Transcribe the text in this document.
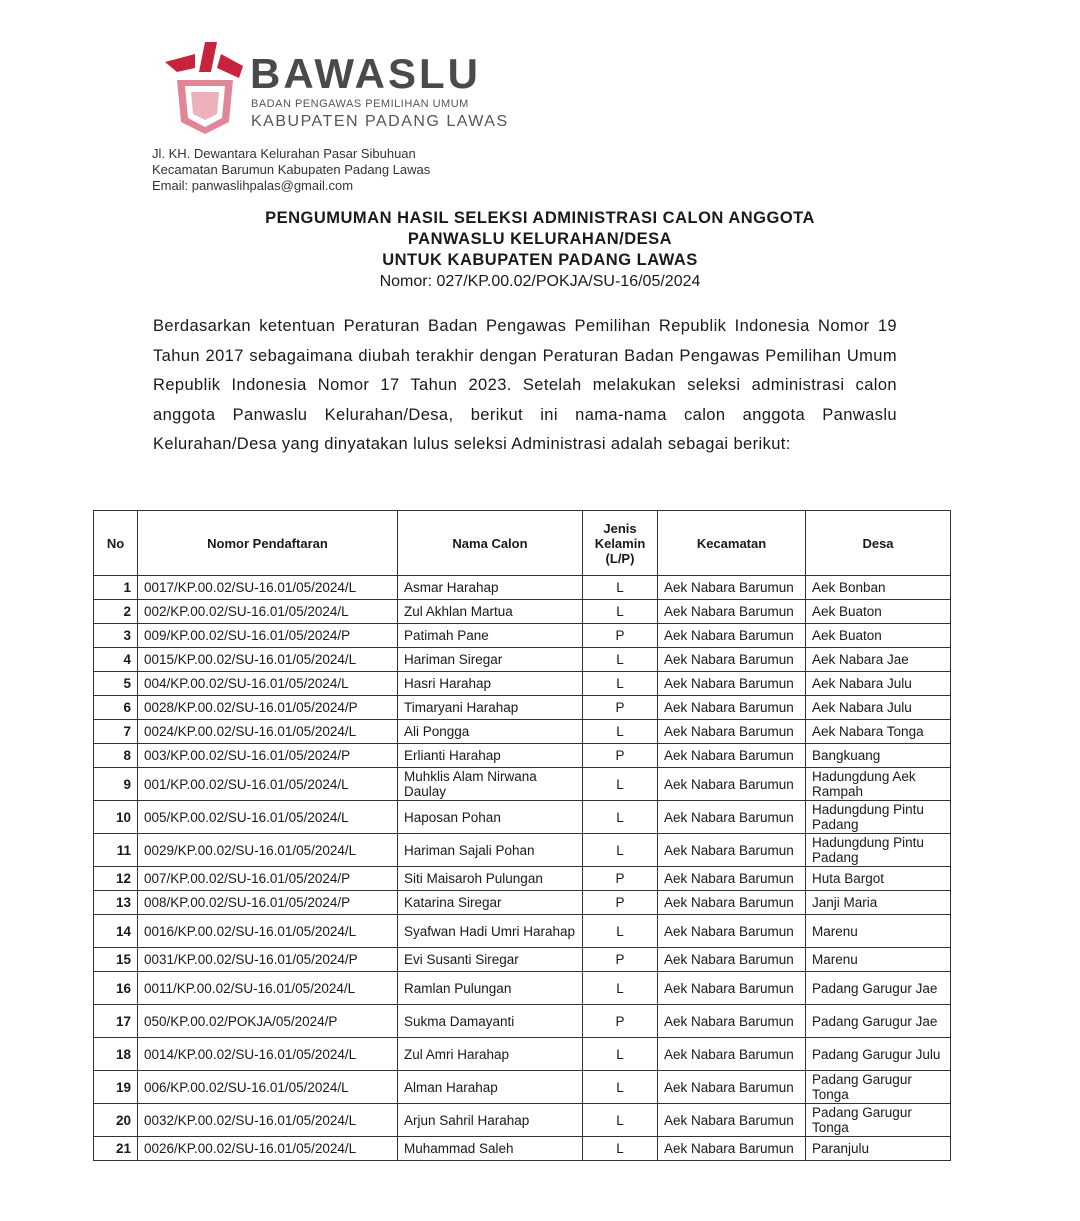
BAWASLU
BADAN PENGAWAS PEMILIHAN UMUM
KABUPATEN PADANG LAWAS
Jl. KH. Dewantara Kelurahan Pasar Sibuhuan
Kecamatan Barumun Kabupaten Padang Lawas
Email: panwaslihpalas@gmail.com
PENGUMUMAN HASIL SELEKSI ADMINISTRASI CALON ANGGOTA
PANWASLU KELURAHAN/DESA
UNTUK KABUPATEN PADANG LAWAS
Nomor: 027/KP.00.02/POKJA/SU-16/05/2024
Berdasarkan ketentuan Peraturan Badan Pengawas Pemilihan Republik Indonesia Nomor 19 Tahun 2017 sebagaimana diubah terakhir dengan Peraturan Badan Pengawas Pemilihan Umum Republik Indonesia Nomor 17 Tahun 2023. Setelah melakukan seleksi administrasi calon anggota Panwaslu Kelurahan/Desa, berikut ini nama-nama calon anggota Panwaslu Kelurahan/Desa yang dinyatakan lulus seleksi Administrasi adalah sebagai berikut:
No	Nomor Pendaftaran	Nama Calon	Jenis Kelamin (L/P)	Kecamatan	Desa
1	0017/KP.00.02/SU-16.01/05/2024/L	Asmar Harahap	L	Aek Nabara Barumun	Aek Bonban
2	002/KP.00.02/SU-16.01/05/2024/L	Zul Akhlan Martua	L	Aek Nabara Barumun	Aek Buaton
3	009/KP.00.02/SU-16.01/05/2024/P	Patimah Pane	P	Aek Nabara Barumun	Aek Buaton
4	0015/KP.00.02/SU-16.01/05/2024/L	Hariman Siregar	L	Aek Nabara Barumun	Aek Nabara Jae
5	004/KP.00.02/SU-16.01/05/2024/L	Hasri Harahap	L	Aek Nabara Barumun	Aek Nabara Julu
6	0028/KP.00.02/SU-16.01/05/2024/P	Timaryani Harahap	P	Aek Nabara Barumun	Aek Nabara Julu
7	0024/KP.00.02/SU-16.01/05/2024/L	Ali Pongga	L	Aek Nabara Barumun	Aek Nabara Tonga
8	003/KP.00.02/SU-16.01/05/2024/P	Erlianti Harahap	P	Aek Nabara Barumun	Bangkuang
9	001/KP.00.02/SU-16.01/05/2024/L	Muhklis Alam Nirwana Daulay	L	Aek Nabara Barumun	Hadungdung Aek Rampah
10	005/KP.00.02/SU-16.01/05/2024/L	Haposan Pohan	L	Aek Nabara Barumun	Hadungdung Pintu Padang
11	0029/KP.00.02/SU-16.01/05/2024/L	Hariman Sajali Pohan	L	Aek Nabara Barumun	Hadungdung Pintu Padang
12	007/KP.00.02/SU-16.01/05/2024/P	Siti Maisaroh Pulungan	P	Aek Nabara Barumun	Huta Bargot
13	008/KP.00.02/SU-16.01/05/2024/P	Katarina Siregar	P	Aek Nabara Barumun	Janji Maria
14	0016/KP.00.02/SU-16.01/05/2024/L	Syafwan Hadi Umri Harahap	L	Aek Nabara Barumun	Marenu
15	0031/KP.00.02/SU-16.01/05/2024/P	Evi Susanti Siregar	P	Aek Nabara Barumun	Marenu
16	0011/KP.00.02/SU-16.01/05/2024/L	Ramlan Pulungan	L	Aek Nabara Barumun	Padang Garugur Jae
17	050/KP.00.02/POKJA/05/2024/P	Sukma Damayanti	P	Aek Nabara Barumun	Padang Garugur Jae
18	0014/KP.00.02/SU-16.01/05/2024/L	Zul Amri Harahap	L	Aek Nabara Barumun	Padang Garugur Julu
19	006/KP.00.02/SU-16.01/05/2024/L	Alman Harahap	L	Aek Nabara Barumun	Padang Garugur Tonga
20	0032/KP.00.02/SU-16.01/05/2024/L	Arjun Sahril Harahap	L	Aek Nabara Barumun	Padang Garugur Tonga
21	0026/KP.00.02/SU-16.01/05/2024/L	Muhammad Saleh	L	Aek Nabara Barumun	Paranjulu
